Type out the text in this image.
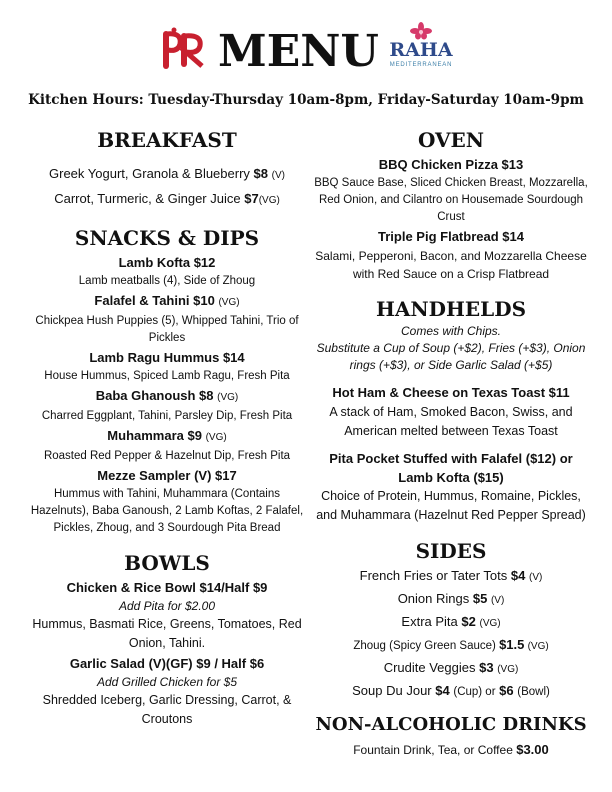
MENU RAHA
MEDITERRANEAN
Kitchen Hours: Tuesday-Thursday 10am-8pm, Friday-Saturday 10am-9pm
BREAKFAST
Greek Yogurt, Granola & Blueberry $8 (V)
Carrot, Turmeric, & Ginger Juice $7(VG)
SNACKS & DIPS
Lamb Kofta $12
Lamb meatballs (4), Side of Zhoug
Falafel & Tahini $10 (VG)
Chickpea Hush Puppies (5), Whipped Tahini, Trio of Pickles
Lamb Ragu Hummus $14
House Hummus, Spiced Lamb Ragu, Fresh Pita
Baba Ghanoush $8 (VG)
Charred Eggplant, Tahini, Parsley Dip, Fresh Pita
Muhammara $9 (VG)
Roasted Red Pepper & Hazelnut Dip, Fresh Pita
Mezze Sampler (V) $17
Hummus with Tahini, Muhammara (Contains Hazelnuts), Baba Ganoush, 2 Lamb Koftas, 2 Falafel, Pickles, Zhoug, and 3 Sourdough Pita Bread
BOWLS
Chicken & Rice Bowl $14/Half $9
Add Pita for $2.00
Hummus, Basmati Rice, Greens, Tomatoes, Red Onion, Tahini.
Garlic Salad (V)(GF) $9 / Half $6
Add Grilled Chicken for $5
Shredded Iceberg, Garlic Dressing, Carrot, & Croutons
OVEN
BBQ Chicken Pizza $13
BBQ Sauce Base, Sliced Chicken Breast, Mozzarella, Red Onion, and Cilantro on Housemade Sourdough Crust
Triple Pig Flatbread $14
Salami, Pepperoni, Bacon, and Mozzarella Cheese with Red Sauce on a Crisp Flatbread
HANDHELDS
Comes with Chips.
Substitute a Cup of Soup (+$2), Fries (+$3), Onion rings (+$3), or Side Garlic Salad (+$5)
Hot Ham & Cheese on Texas Toast $11
A stack of Ham, Smoked Bacon, Swiss, and American melted between Texas Toast
Pita Pocket Stuffed with Falafel ($12) or Lamb Kofta ($15)
Choice of Protein, Hummus, Romaine, Pickles, and Muhammara (Hazelnut Red Pepper Spread)
SIDES
French Fries or Tater Tots $4 (V)
Onion Rings $5 (V)
Extra Pita $2 (VG)
Zhoug (Spicy Green Sauce) $1.5 (VG)
Crudite Veggies $3 (VG)
Soup Du Jour $4 (Cup) or $6 (Bowl)
NON-ALCOHOLIC DRINKS
Fountain Drink, Tea, or Coffee $3.00
